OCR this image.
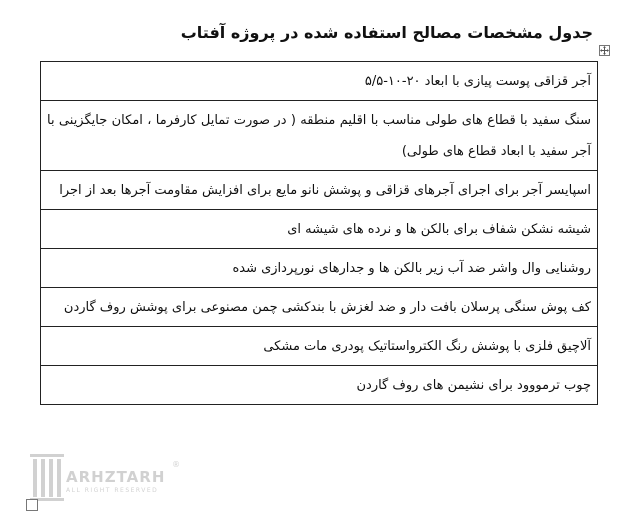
جدول مشخصات مصالح استفاده شده در پروژه آفتاب
آجر قزاقی پوست پیازی با ابعاد ۲۰-۱۰-۵/۵
سنگ سفید با قطاع های طولی مناسب با اقلیم منطقه ( در صورت تمایل کارفرما ، امکان جایگزینی با آجر سفید با ابعاد قطاع های طولی)
اسپایسر آجر برای اجرای آجرهای قزاقی و پوشش نانو مایع برای افزایش مقاومت آجرها بعد از اجرا
شیشه نشکن شفاف برای بالکن ها و نرده های شیشه ای
روشنایی وال واشر ضد آب زیر بالکن ها و جدارهای نورپردازی شده
کف پوش سنگی پرسلان بافت دار و ضد لغزش با بندکشی چمن مصنوعی برای پوشش روف گاردن
آلاچیق فلزی با پوشش رنگ الکترواستاتیک پودری مات مشکی
چوب ترمووود برای نشیمن های روف گاردن
ARHZTARH
ALL RIGHT RESERVED
®
